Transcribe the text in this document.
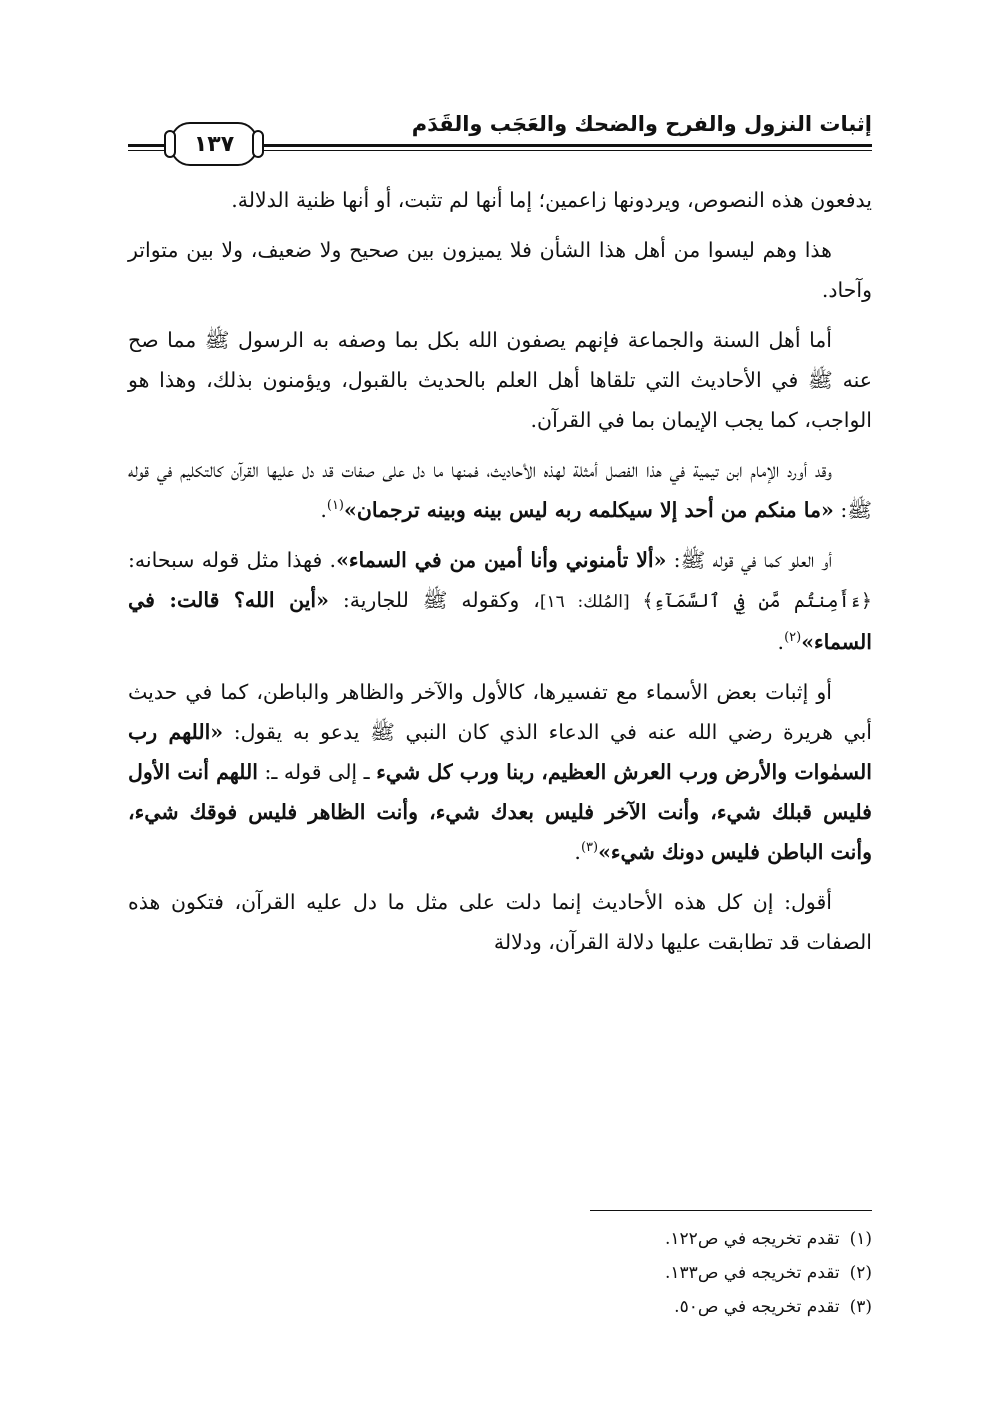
إثبات النزول والفرح والضحك والعَجَب والقَدَم
١٣٧

يدفعون هذه النصوص، ويردونها زاعمين؛ إما أنها لم تثبت، أو أنها ظنية الدلالة.

هذا وهم ليسوا من أهل هذا الشأن فلا يميزون بين صحيح ولا ضعيف، ولا بين متواتر وآحاد.

أما أهل السنة والجماعة فإنهم يصفون الله بكل بما وصفه به الرسول ﷺ مما صح عنه ﷺ في الأحاديث التي تلقاها أهل العلم بالحديث بالقبول، ويؤمنون بذلك، وهذا هو الواجب، كما يجب الإيمان بما في القرآن.

وقد أورد الإمام ابن تيمية في هذا الفصل أمثلة لهذه الأحاديث، فمنها ما دل على صفات قد دل عليها القرآن كالتكليم في قوله ﷺ: «ما منكم من أحد إلا سيكلمه ربه ليس بينه وبينه ترجمان»$^{(١)}$.

أو العلو كما في قوله ﷺ: «ألا تأمنوني وأنا أمين من في السماء». فهذا مثل قوله سبحانه: ﴿ءَأَمِنتُم مَّن فِي ٱلسَّمَآءِ﴾ [المُلك: ١٦]، وكقوله ﷺ للجارية: «أين الله؟ قالت: في السماء»$^{(٢)}$.

أو إثبات بعض الأسماء مع تفسيرها، كالأول والآخر والظاهر والباطن، كما في حديث أبي هريرة رضي الله عنه في الدعاء الذي كان النبي ﷺ يدعو به يقول: «اللهم رب السمٰوات والأرض ورب العرش العظيم، ربنا ورب كل شيء ـ إلى قوله ـ: اللهم أنت الأول فليس قبلك شيء، وأنت الآخر فليس بعدك شيء، وأنت الظاهر فليس فوقك شيء، وأنت الباطن فليس دونك شيء»$^{(٣)}$.

أقول: إن كل هذه الأحاديث إنما دلت على مثل ما دل عليه القرآن، فتكون هذه الصفات قد تطابقت عليها دلالة القرآن، ودلالة

(١)تقدم تخريجه في ص١٢٢.
(٢)تقدم تخريجه في ص١٣٣.
(٣)تقدم تخريجه في ص٥٠.
